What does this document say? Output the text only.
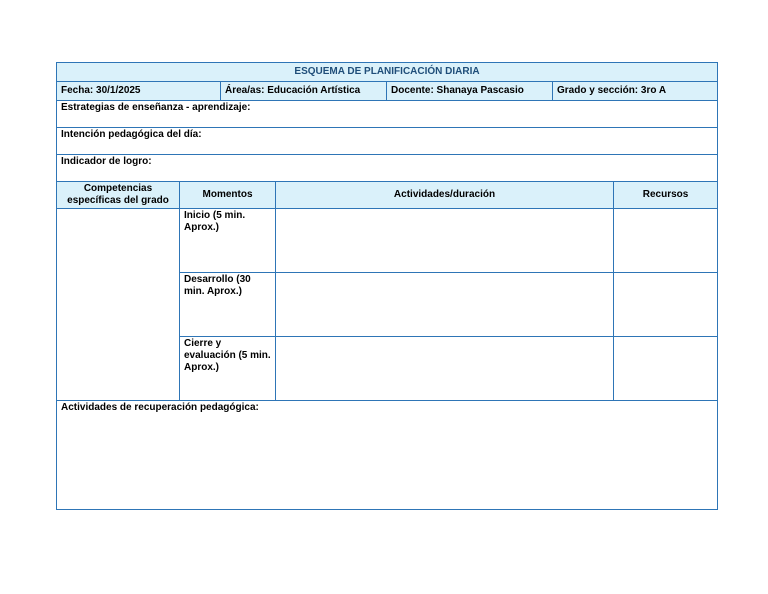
ESQUEMA DE PLANIFICACIÓN DIARIA						
Fecha: 30/1/2025		Área/as: Educación Artística		Docente: Shanaya Pascasio	Grado y sección: 3ro A	
Estrategias de enseñanza - aprendizaje:						
Intención pedagógica del día:						
Indicador de logro:						
Competencias específicas del grado	Momentos		Actividades/duración			Recursos
	Inicio (5 min. Aprox.)					
	Desarrollo (30 min. Aprox.)					
	Cierre y evaluación (5 min. Aprox.)					
Actividades de recuperación pedagógica:						
